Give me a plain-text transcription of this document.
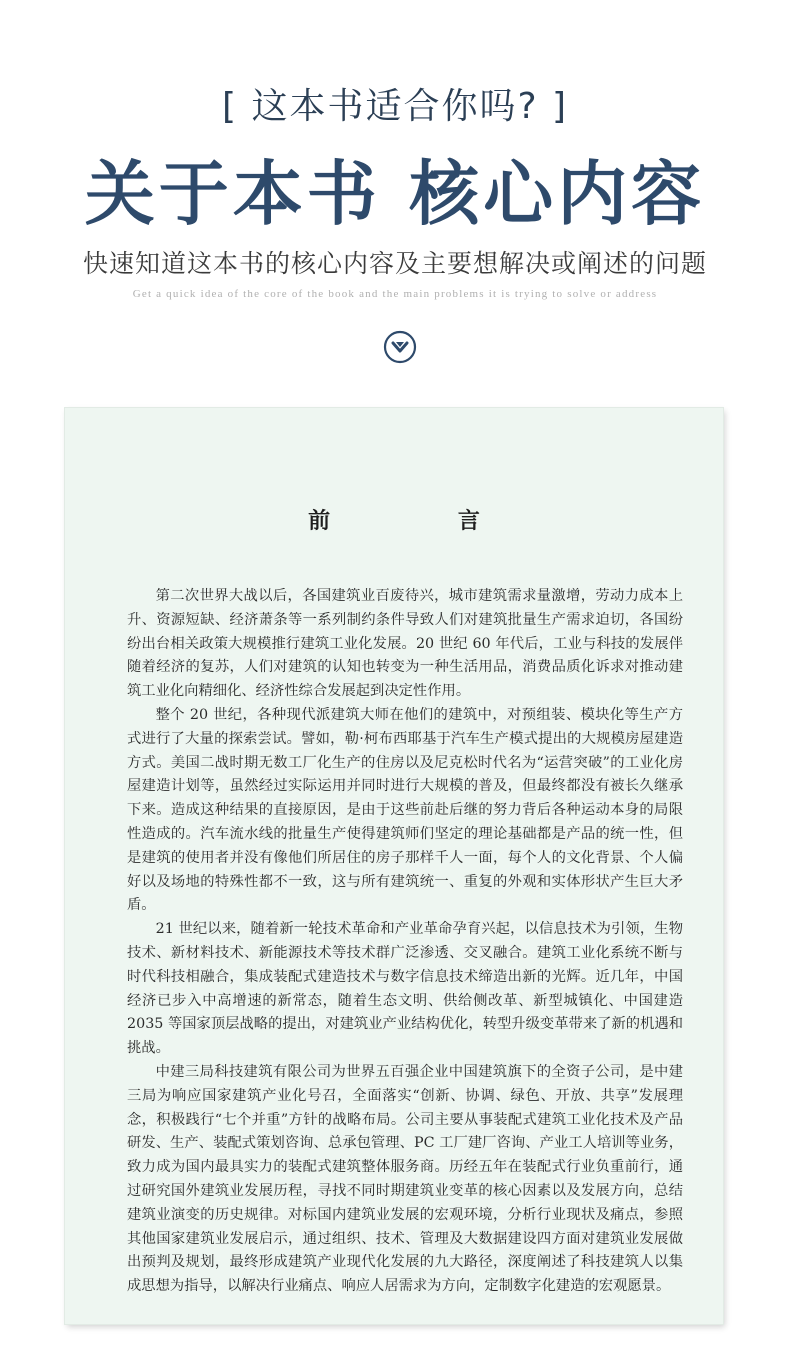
[ 这本书适合你吗? ]
关于本书 核心内容
快速知道这本书的核心内容及主要想解决或阐述的问题
Get a quick idea of the core of the book and the main problems it is trying to solve or address
前 言

第二次世界大战以后，各国建筑业百废待兴，城市建筑需求量激增，劳动力成本上升、资源短缺、经济萧条等一系列制约条件导致人们对建筑批量生产需求迫切，各国纷纷出台相关政策大规模推行建筑工业化发展。20 世纪 60 年代后，工业与科技的发展伴随着经济的复苏，人们对建筑的认知也转变为一种生活用品，消费品质化诉求对推动建筑工业化向精细化、经济性综合发展起到决定性作用。

整个 20 世纪，各种现代派建筑大师在他们的建筑中，对预组装、模块化等生产方式进行了大量的探索尝试。譬如，勒·柯布西耶基于汽车生产模式提出的大规模房屋建造方式。美国二战时期无数工厂化生产的住房以及尼克松时代名为“运营突破”的工业化房屋建造计划等，虽然经过实际运用并同时进行大规模的普及，但最终都没有被长久继承下来。造成这种结果的直接原因，是由于这些前赴后继的努力背后各种运动本身的局限性造成的。汽车流水线的批量生产使得建筑师们坚定的理论基础都是产品的统一性，但是建筑的使用者并没有像他们所居住的房子那样千人一面，每个人的文化背景、个人偏好以及场地的特殊性都不一致，这与所有建筑统一、重复的外观和实体形状产生巨大矛盾。

21 世纪以来，随着新一轮技术革命和产业革命孕育兴起，以信息技术为引领，生物技术、新材料技术、新能源技术等技术群广泛渗透、交叉融合。建筑工业化系统不断与时代科技相融合，集成装配式建造技术与数字信息技术缔造出新的光辉。近几年，中国经济已步入中高增速的新常态，随着生态文明、供给侧改革、新型城镇化、中国建造 2035 等国家顶层战略的提出，对建筑业产业结构优化，转型升级变革带来了新的机遇和挑战。

中建三局科技建筑有限公司为世界五百强企业中国建筑旗下的全资子公司，是中建三局为响应国家建筑产业化号召，全面落实“创新、协调、绿色、开放、共享”发展理念，积极践行“七个并重”方针的战略布局。公司主要从事装配式建筑工业化技术及产品研发、生产、装配式策划咨询、总承包管理、PC 工厂建厂咨询、产业工人培训等业务，致力成为国内最具实力的装配式建筑整体服务商。历经五年在装配式行业负重前行，通过研究国外建筑业发展历程，寻找不同时期建筑业变革的核心因素以及发展方向，总结建筑业演变的历史规律。对标国内建筑业发展的宏观环境，分析行业现状及痛点，参照其他国家建筑业发展启示，通过组织、技术、管理及大数据建设四方面对建筑业发展做出预判及规划，最终形成建筑产业现代化发展的九大路径，深度阐述了科技建筑人以集成思想为指导，以解决行业痛点、响应人居需求为方向，定制数字化建造的宏观愿景。
